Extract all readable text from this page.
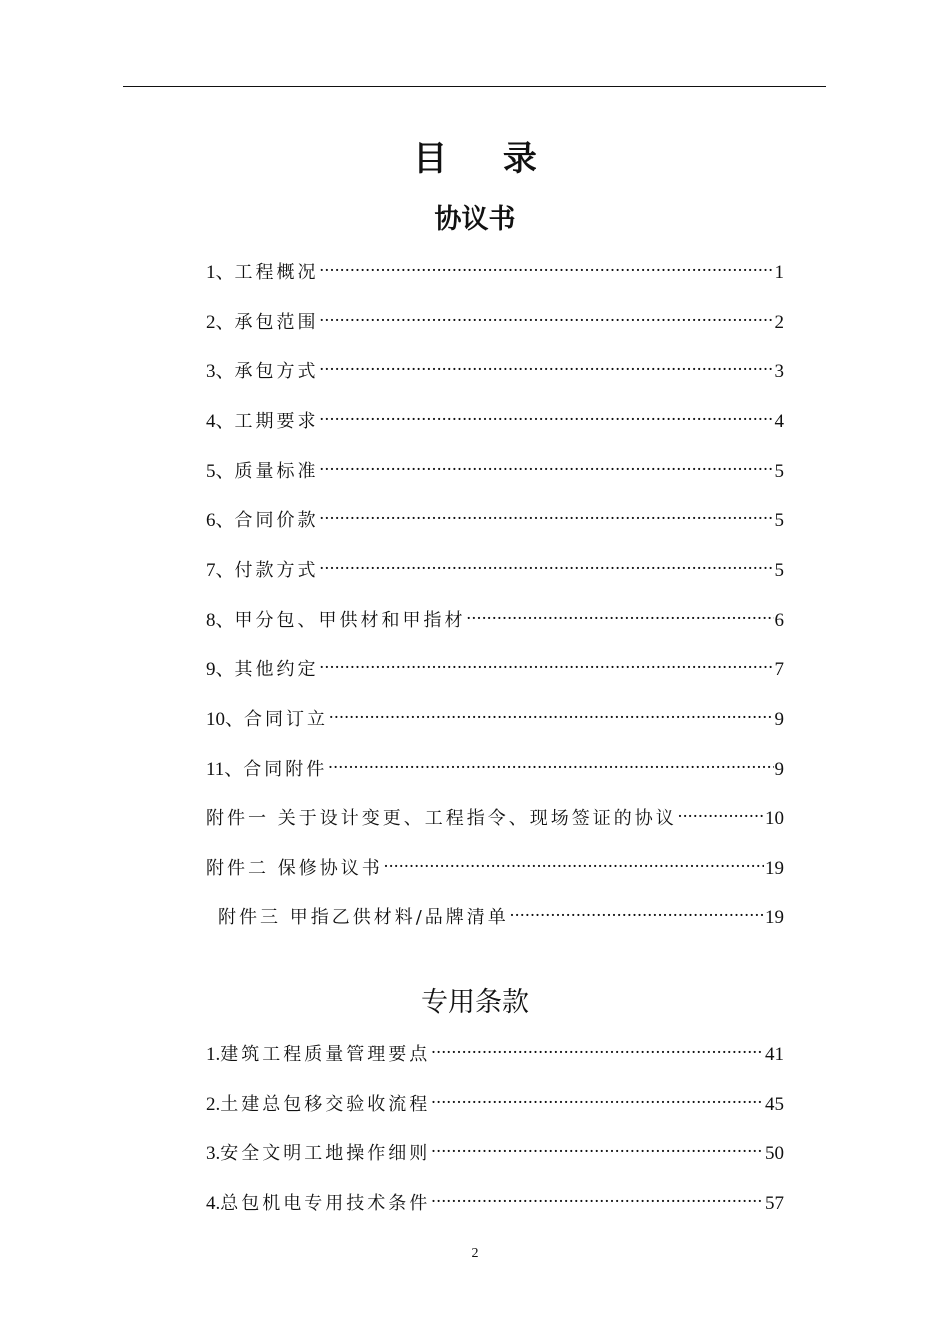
目 录
协议书
1、 工程概况 .....	1
2、 承包范围 .....	2
3、 承包方式 .....	3
4、 工期要求 .....	4
5、 质量标准 .....	5
6、 合同价款 .....	5
7、 付款方式 .....	5
8、 甲分包、甲供材和甲指材 .....	6
9、 其他约定 .....	7
10、 合同订立 .....	9
11、 合同附件 .....	9
附件一 关于设计变更、工程指令、现场签证的协议 .....	10
附件二 保修协议书 .....	19
附件三 甲指乙供材料/品牌清单 .....	19
专用条款
1. 建筑工程质量管理要点 .....	41
2. 土建总包移交验收流程 .....	45
3. 安全文明工地操作细则 .....	50
4. 总包机电专用技术条件 .....	57
2
